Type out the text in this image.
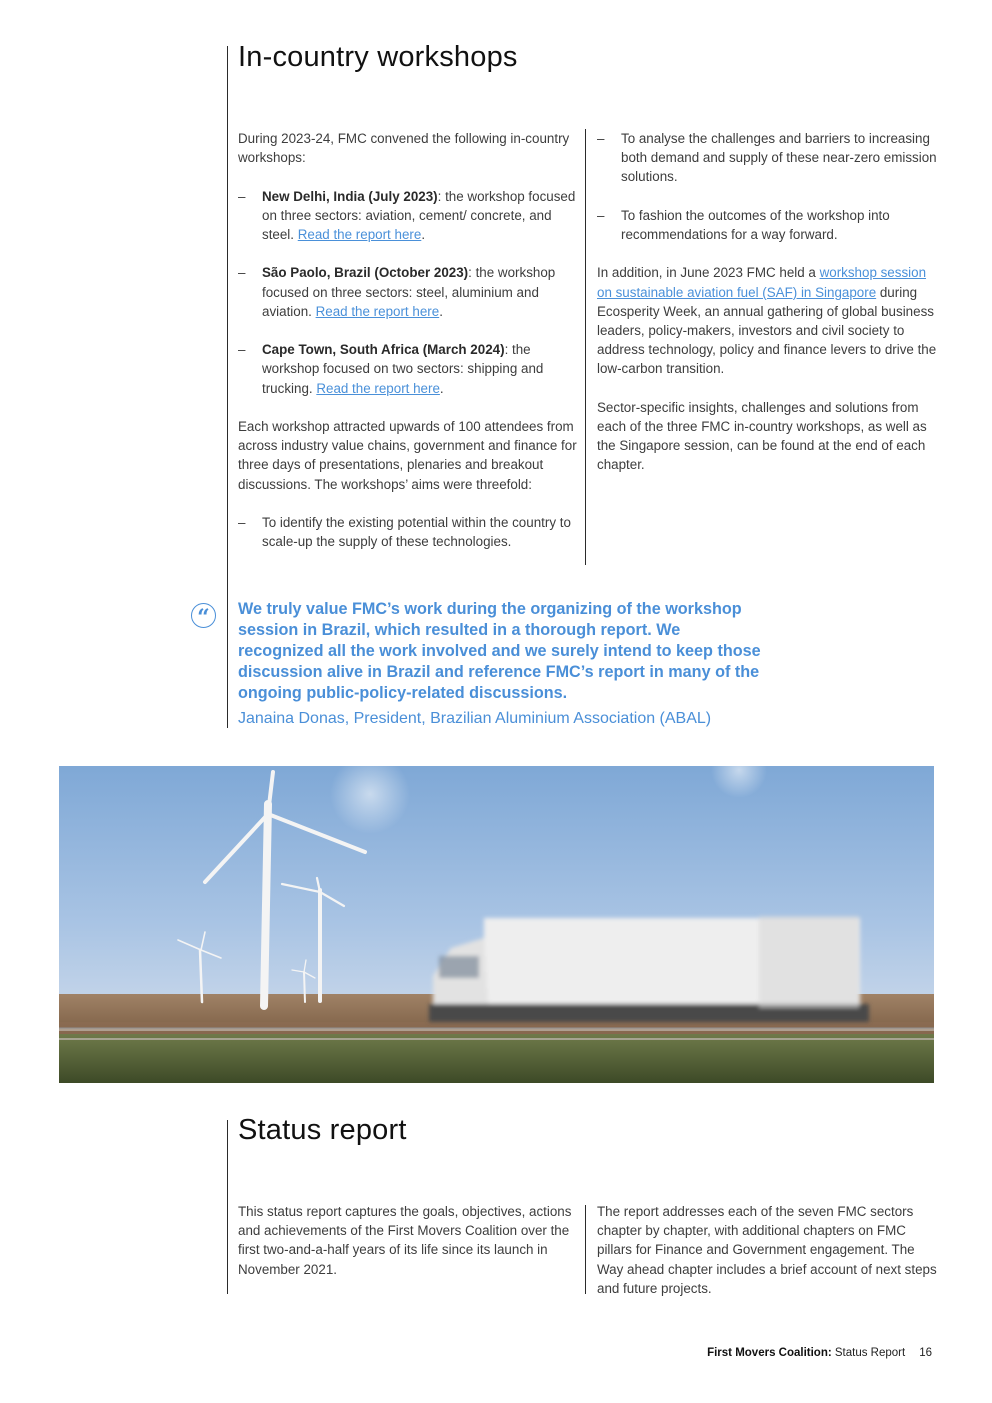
In-country workshops

During 2023-24, FMC convened the following in-country workshops:

–	New Delhi, India (July 2023): the workshop focused on three sectors: aviation, cement/ concrete, and steel. Read the report here.
–	São Paolo, Brazil (October 2023): the workshop focused on three sectors: steel, aluminium and aviation. Read the report here.
–	Cape Town, South Africa (March 2024): the workshop focused on two sectors: shipping and trucking. Read the report here.

Each workshop attracted upwards of 100 attendees from across industry value chains, government and finance for three days of presentations, plenaries and breakout discussions. The workshops’ aims were threefold:

–	To identify the existing potential within the country to scale-up the supply of these technologies.
–	To analyse the challenges and barriers to increasing both demand and supply of these near-zero emission solutions.
–	To fashion the outcomes of the workshop into recommendations for a way forward.

In addition, in June 2023 FMC held a workshop session on sustainable aviation fuel (SAF) in Singapore during Ecosperity Week, an annual gathering of global business leaders, policy-makers, investors and civil society to address technology, policy and finance levers to drive the low-carbon transition.

Sector-specific insights, challenges and solutions from each of the three FMC in-country workshops, as well as the Singapore session, can be found at the end of each chapter.

“	We truly value FMC’s work during the organizing of the workshop session in Brazil, which resulted in a thorough report. We recognized all the work involved and we surely intend to keep those discussion alive in Brazil and reference FMC’s report in many of the ongoing public-policy-related discussions.

Janaina Donas, President, Brazilian Aluminium Association (ABAL)

Status report

This status report captures the goals, objectives, actions and achievements of the First Movers Coalition over the first two-and-a-half years of its life since its launch in November 2021.

The report addresses each of the seven FMC sectors chapter by chapter, with additional chapters on FMC pillars for Finance and Government engagement. The Way ahead chapter includes a brief account of next steps and future projects.

First Movers Coalition: Status Report 16
